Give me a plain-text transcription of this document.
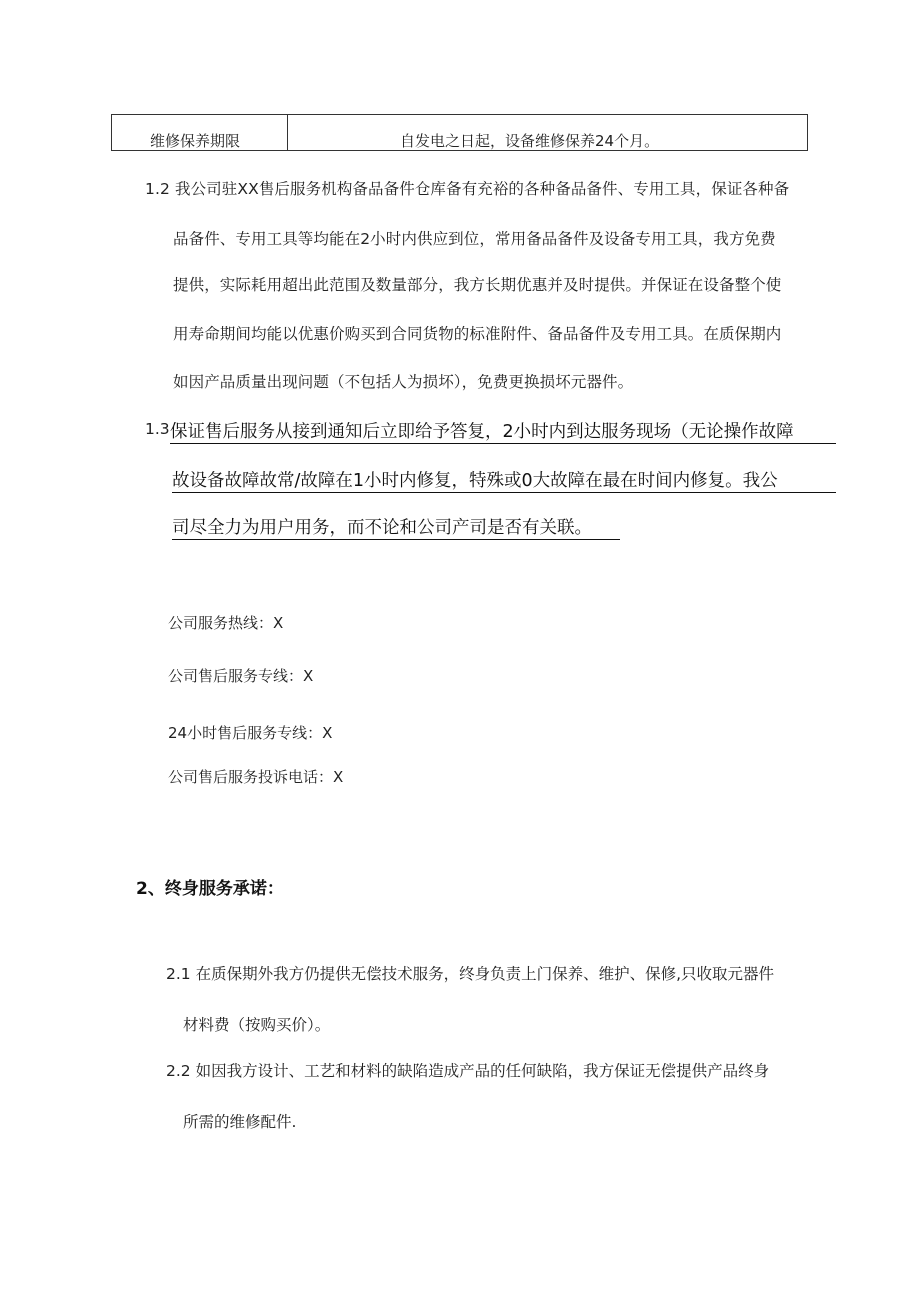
维修保养期限	自发电之日起，设备维修保养24个月。
1.2 我公司驻XX售后服务机构备品备件仓库备有充裕的各种备品备件、专用工具，保证各种备
品备件、专用工具等均能在2小时内供应到位，常用备品备件及设备专用工具，我方免费
提供，实际耗用超出此范围及数量部分，我方长期优惠并及时提供。并保证在设备整个使
用寿命期间均能以优惠价购买到合同货物的标准附件、备品备件及专用工具。在质保期内
如因产品质量出现问题（不包括人为损坏），免费更换损坏元器件。
1.3 保证售后服务从接到通知后立即给予答复，2小时内到达服务现场（无论操作故障
故设备故障故常/故障在1小时内修复，特殊或0大故障在最在时间内修复。我公
司尽全力为用户用务，而不论和公司产司是否有关联。
公司服务热线：X
公司售后服务专线：X
24小时售后服务专线：X
公司售后服务投诉电话：X
2、终身服务承诺：
2.1 在质保期外我方仍提供无偿技术服务，终身负责上门保养、维护、保修,只收取元器件
材料费（按购买价）。
2.2 如因我方设计、工艺和材料的缺陷造成产品的任何缺陷，我方保证无偿提供产品终身
所需的维修配件.
